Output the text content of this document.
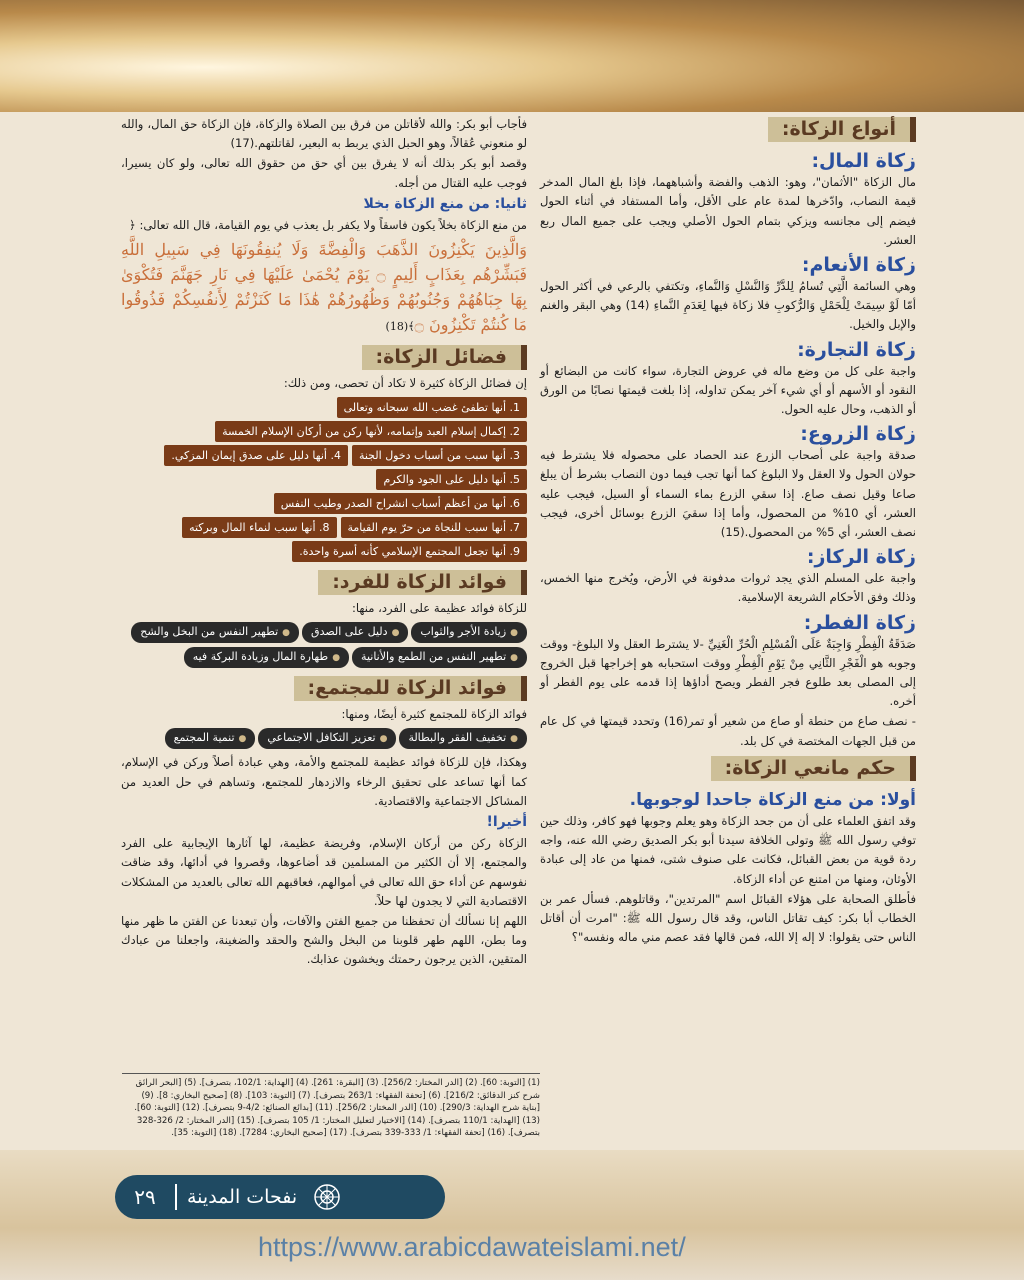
أنواع الزكاة:
زكاة المال:

مال الزكاة "الأثمان"، وهو: الذهب والفضة وأشباههما، فإذا بلغ المال المدخر قيمة النصاب، وادّخرها لمدة عام على الأقل، وأما المستفاد في أثناء الحول فيضم إلى مجانسه ويزكي بتمام الحول الأصلي ويجب على جميع المال ربع العشر.

زكاة الأنعام:

وهي السائمة الَّتِي تُسامُ لِلدَّرِّ وَالنَّسْلِ وَالنَّماءِ، وتكتفي بالرعي في أكثر الحول أمّا لَوْ سِيمَتْ لِلْحَمْلِ وَالرُّكوبِ فلا زكاة فيها لِعَدَمِ النَّماءِ (14) وهي البقر والغنم والإبل والخيل.

زكاة التجارة:

واجبة على كل من وضع ماله في عروض التجارة، سواء كانت من البضائع أو النقود أو الأسهم أو أي شيء آخر يمكن تداوله، إذا بلغت قيمتها نصابًا من الورق أو الذهب، وحال عليه الحول.

زكاة الزروع:

صدقة واجبة على أصحاب الزرع عند الحصاد على محصوله فلا يشترط فيه حولان الحول ولا العقل ولا البلوغ كما أنها تجب فيما دون النصاب بشرط أن يبلغ صاعا وقيل نصف صاع. إذا سقي الزرع بماء السماء أو السيل، فيجب عليه العشر، أي 10% من المحصول، وأما إذا سقيَ الزرع بوسائل أخرى، فيجب نصف العشر، أي 5% من المحصول.(15)

زكاة الركاز:

واجبة على المسلم الذي يجد ثروات مدفونة في الأرض، ويُخرج منها الخمس، وذلك وفق الأحكام الشريعة الإسلامية.

زكاة الفطر:

صَدَقَةُ الْفِطْرِ وَاجِبَةٌ عَلَى الْمُسْلِمِ الْحُرِّ الْغَنِيِّ -لا يشترط العقل ولا البلوغ- ووقت وجوبه هو الْفَجْرِ الثَّانِي مِنْ يَوْمِ الْفِطْرِ ووقت استحبابه هو إخراجها قبل الخروج إلى المصلى بعد طلوع فجر الفطر ويصح أداؤها إذا قدمه على يوم الفطر أو أخره.

- نصف صاع من حنطة أو صاع من شعير أو تمر(16) وتحدد قيمتها في كل عام من قبل الجهات المختصة في كل بلد.

حكم مانعي الزكاة:
أولا: من منع الزكاة جاحدا لوجوبها.

وقد اتفق العلماء على أن من جحد الزكاة وهو يعلم وجوبها فهو كافر، وذلك حين توفي رسول الله ﷺ وتولى الخلافة سيدنا أبو بكر الصديق رضي الله عنه، واجه ردة قوية من بعض القبائل، فكانت على صنوف شتى، فمنها من عاد إلى عبادة الأوثان، ومنها من امتنع عن أداء الزكاة.

فأطلق الصحابة على هؤلاء القبائل اسم "المرتدين"، وقاتلوهم. فسأل عمر بن الخطاب أبا بكر: كيف تقاتل الناس، وقد قال رسول الله ﷺ: "امرت أن أقاتل الناس حتى يقولوا: لا إله إلا الله، فمن قالها فقد عصم مني ماله ونفسه"؟

فأجاب أبو بكر: والله لأقاتلن من فرق بين الصلاة والزكاة، فإن الزكاة حق المال، والله لو منعوني عُقالاً، وهو الحبل الذي يربط به البعير، لقاتلتهم.(17)

وقصد أبو بكر بذلك أنه لا يفرق بين أي حق من حقوق الله تعالى، ولو كان يسيرا، فوجب عليه القتال من أجله.

ثانيا: من منع الزكاة بخلا

من منع الزكاة بخلاً يكون فاسقاً ولا يكفر بل يعذب في يوم القيامة، قال الله تعالى: ﴿

وَالَّذِينَ يَكْنِزُونَ الذَّهَبَ وَالْفِضَّةَ وَلَا يُنفِقُونَهَا فِي سَبِيلِ اللَّهِ فَبَشِّرْهُم بِعَذَابٍ أَلِيمٍ ۝ يَوْمَ يُحْمَىٰ عَلَيْهَا فِي نَارِ جَهَنَّمَ فَتُكْوَىٰ بِهَا جِبَاهُهُمْ وَجُنُوبُهُمْ وَظُهُورُهُمْ هَٰذَا مَا كَنَزْتُمْ لِأَنفُسِكُمْ فَذُوقُوا مَا كُنتُمْ تَكْنِزُونَ ۝﴾(18)
فضائل الزكاة:

إن فضائل الزكاة كثيرة لا تكاد أن تحصى، ومن ذلك:

1. أنها تطفئ غضب الله سبحانه وتعالى
2. إكمال إسلام العبد وإتمامه، لأنها ركن من أركان الإسلام الخمسة
3. أنها سبب من أسباب دخول الجنة4. أنها دليل على صدق إيمان المزكي.
5. أنها دليل على الجود والكرم
6. أنها من أعظم أسباب انشراح الصدر وطيب النفس
7. أنها سبب للنجاة من حرّ يوم القيامة8. أنها سبب لنماء المال وبركته
9. أنها تجعل المجتمع الإسلامي كأنه أسرة واحدة.
فوائد الزكاة للفرد:

للزكاة فوائد عظيمة على الفرد، منها:

● زيادة الأجر والثواب● دليل على الصدق● تطهير النفس من البخل والشح ● تطهير النفس من الطمع والأنانية● طهارة المال وزيادة البركة فيه
فوائد الزكاة للمجتمع:

فوائد الزكاة للمجتمع كثيرة أيضًا، ومنها:

● تخفيف الفقر والبطالة● تعزيز التكافل الاجتماعي● تنمية المجتمع

وهكذا، فإن للزكاة فوائد عظيمة للمجتمع والأمة، وهي عبادة أصلاً وركن في الإسلام، كما أنها تساعد على تحقيق الرخاء والازدهار للمجتمع، وتساهم في حل العديد من المشاكل الاجتماعية والاقتصادية.

أخيرا!

الزكاة ركن من أركان الإسلام، وفريضة عظيمة، لها آثارها الإيجابية على الفرد والمجتمع، إلا أن الكثير من المسلمين قد أضاعوها، وقصروا في أدائها، وقد ضاقت نفوسهم عن أداء حق الله تعالى في أموالهم، فعاقبهم الله تعالى بالعديد من المشكلات الاقتصادية التي لا يجدون لها حلاً.

اللهم إنا نسألك أن تحفظنا من جميع الفتن والآفات، وأن تبعدنا عن الفتن ما ظهر منها وما بطن، اللهم طهر قلوبنا من البخل والشح والحقد والضغينة، واجعلنا من عبادك المتقين، الذين يرجون رحمتك ويخشون عذابك.

(1) [التوبة: 60]. (2) [الدر المختار: 256/2]. (3) [البقرة: 261]. (4) [الهداية: 102/1، بتصرف]. (5) [البحر الرائق شرح كنز الدقائق: 216/2]. (6) [تحفة الفقهاء: 263/1 بتصرف]. (7) [التوبة: 103]. (8) [صحيح البخاري: 8]. (9) [بناية شرح الهداية: 290/3]. (10) [الدر المختار: 256/2]. (11) [بدائع الصنائع: 4/2-9 بتصرف]. (12) [التوبة: 60]. (13) [الهداية: 110/1 بتصرف]. (14) [الاختيار لتعليل المختار: 1/ 105 بتصرف]. (15) [الدر المختار: 2/ 326-328 بتصرف]. (16) [تحفة الفقهاء: 1/ 333-339 بتصرف]. (17) [صحيح البخاري: 7284]. (18) [التوبة: 35].
٢٩	نفحات المدينة
https://www.arabicdawateislami.net/
